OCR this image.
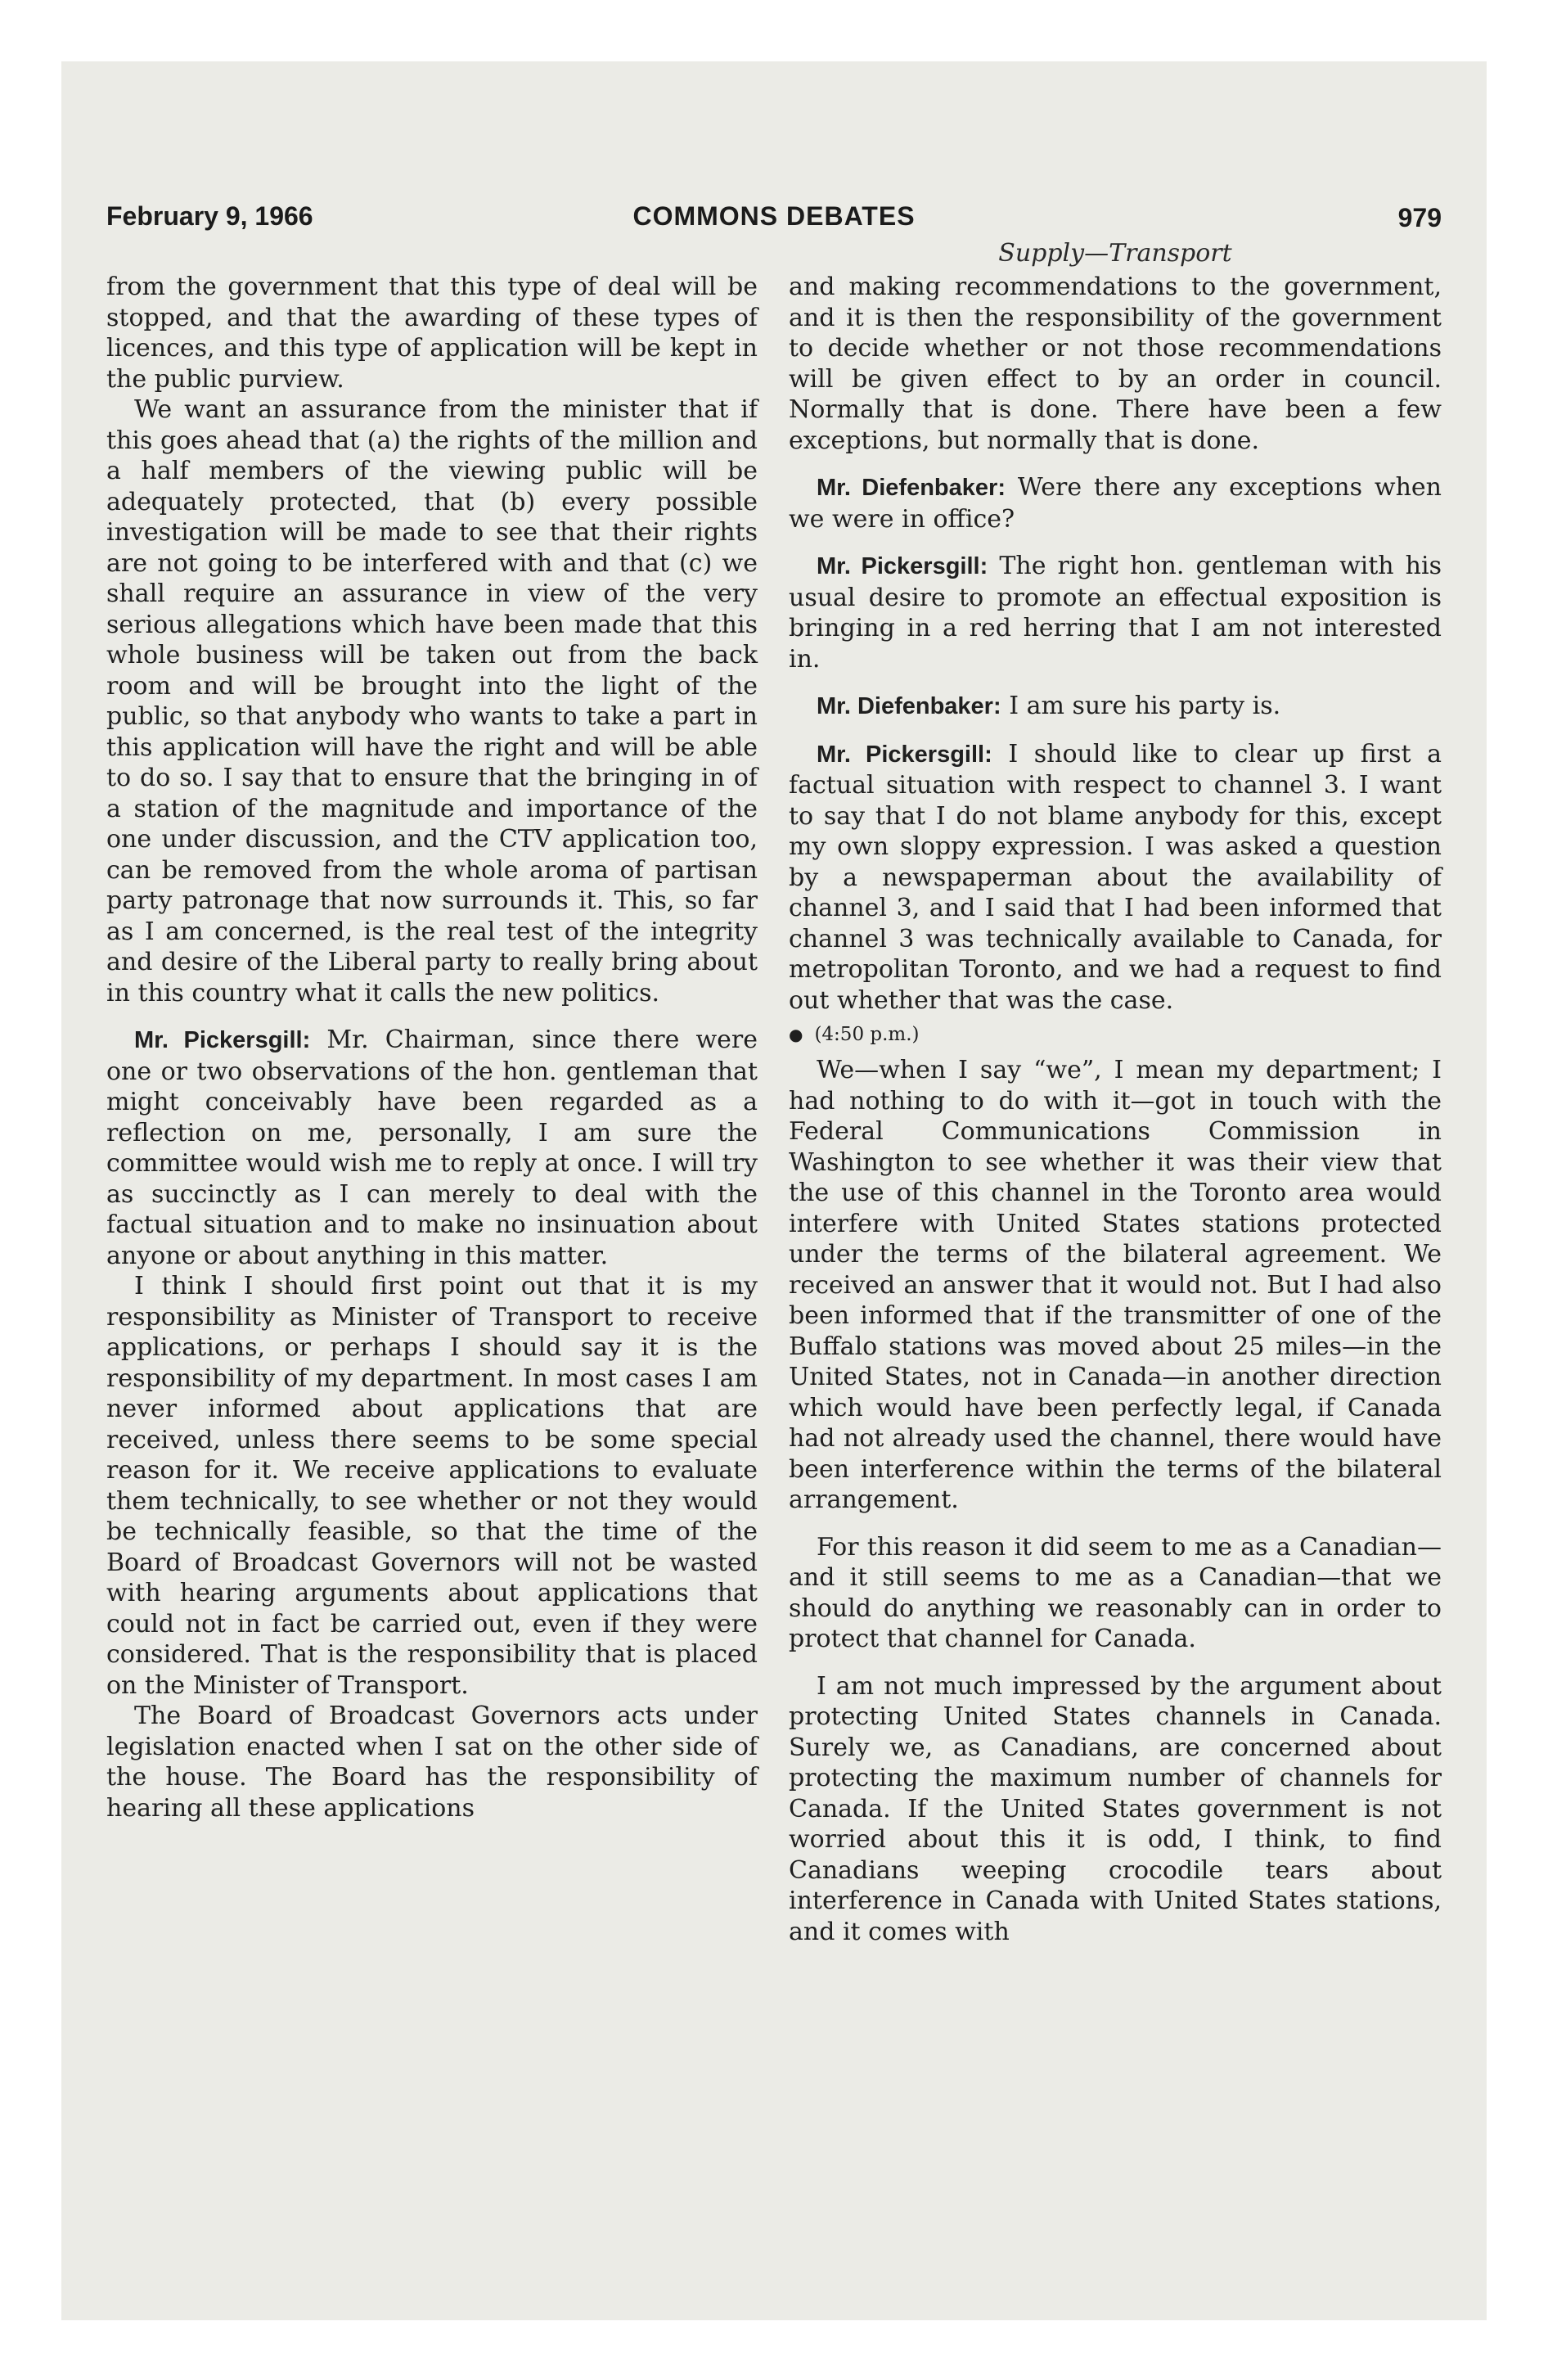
February 9, 1966	COMMONS DEBATES	979
Supply—Transport

from the government that this type of deal will be stopped, and that the awarding of these types of licences, and this type of application will be kept in the public purview.

We want an assurance from the minister that if this goes ahead that (a) the rights of the million and a half members of the viewing public will be adequately protected, that (b) every possible investigation will be made to see that their rights are not going to be interfered with and that (c) we shall require an assurance in view of the very serious allegations which have been made that this whole business will be taken out from the back room and will be brought into the light of the public, so that anybody who wants to take a part in this application will have the right and will be able to do so. I say that to ensure that the bringing in of a station of the magnitude and importance of the one under discussion, and the CTV application too, can be removed from the whole aroma of partisan party patronage that now surrounds it. This, so far as I am concerned, is the real test of the integrity and desire of the Liberal party to really bring about in this country what it calls the new politics.

Mr. Pickersgill: Mr. Chairman, since there were one or two observations of the hon. gentleman that might conceivably have been regarded as a reflection on me, personally, I am sure the committee would wish me to reply at once. I will try as succinctly as I can merely to deal with the factual situation and to make no insinuation about anyone or about anything in this matter.

I think I should first point out that it is my responsibility as Minister of Transport to receive applications, or perhaps I should say it is the responsibility of my department. In most cases I am never informed about applications that are received, unless there seems to be some special reason for it. We receive applications to evaluate them technically, to see whether or not they would be technically feasible, so that the time of the Board of Broadcast Governors will not be wasted with hearing arguments about applications that could not in fact be carried out, even if they were considered. That is the responsibility that is placed on the Minister of Transport.

The Board of Broadcast Governors acts under legislation enacted when I sat on the other side of the house. The Board has the responsibility of hearing all these applications

and making recommendations to the government, and it is then the responsibility of the government to decide whether or not those recommendations will be given effect to by an order in council. Normally that is done. There have been a few exceptions, but normally that is done.

Mr. Diefenbaker: Were there any exceptions when we were in office?

Mr. Pickersgill: The right hon. gentleman with his usual desire to promote an effectual exposition is bringing in a red herring that I am not interested in.

Mr. Diefenbaker: I am sure his party is.

Mr. Pickersgill: I should like to clear up first a factual situation with respect to channel 3. I want to say that I do not blame anybody for this, except my own sloppy expression. I was asked a question by a newspaperman about the availability of channel 3, and I said that I had been informed that channel 3 was technically available to Canada, for metropolitan Toronto, and we had a request to find out whether that was the case.

● (4:50 p.m.)

We—when I say “we”, I mean my department; I had nothing to do with it—got in touch with the Federal Communications Commission in Washington to see whether it was their view that the use of this channel in the Toronto area would interfere with United States stations protected under the terms of the bilateral agreement. We received an answer that it would not. But I had also been informed that if the transmitter of one of the Buffalo stations was moved about 25 miles—in the United States, not in Canada—in another direction which would have been perfectly legal, if Canada had not already used the channel, there would have been interference within the terms of the bilateral arrangement.

For this reason it did seem to me as a Canadian—and it still seems to me as a Canadian—that we should do anything we reasonably can in order to protect that channel for Canada.

I am not much impressed by the argument about protecting United States channels in Canada. Surely we, as Canadians, are concerned about protecting the maximum number of channels for Canada. If the United States government is not worried about this it is odd, I think, to find Canadians weeping crocodile tears about interference in Canada with United States stations, and it comes with
